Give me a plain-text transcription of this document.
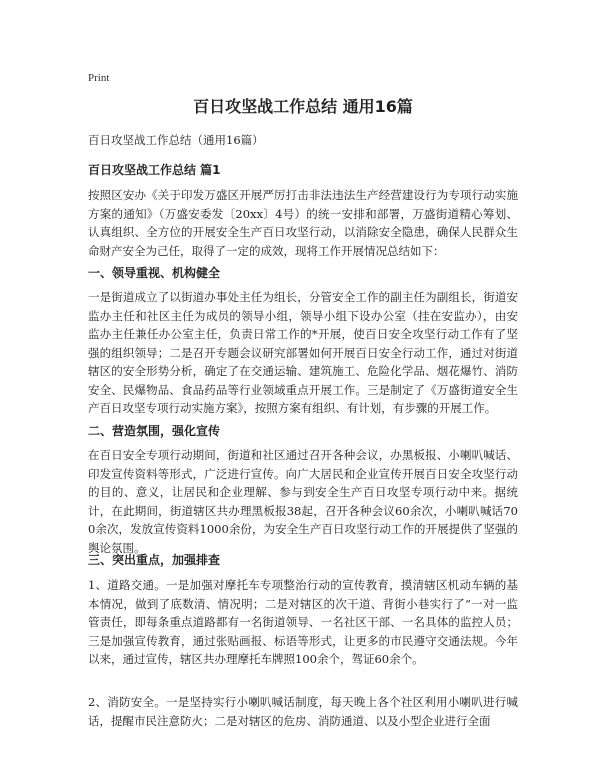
Print
百日攻坚战工作总结 通用16篇
百日攻坚战工作总结（通用16篇）
百日攻坚战工作总结 篇1

按照区安办《关于印发万盛区开展严厉打击非法违法生产经营建设行为专项行动实施方案的通知》（万盛安委发〔20xx〕4号）的统一安排和部署，万盛街道精心筹划、认真组织、全方位的开展安全生产百日攻坚行动，以消除安全隐患，确保人民群众生命财产安全为己任，取得了一定的成效，现将工作开展情况总结如下：

一、领导重视、机构健全

一是街道成立了以街道办事处主任为组长，分管安全工作的副主任为副组长，街道安监办主任和社区主任为成员的领导小组，领导小组下设办公室（挂在安监办），由安监办主任兼任办公室主任，负责日常工作的*开展，使百日安全攻坚行动工作有了坚强的组织领导；二是召开专题会议研究部署如何开展百日安全行动工作，通过对街道辖区的安全形势分析，确定了在交通运输、建筑施工、危险化学品、烟花爆竹、消防安全、民爆物品、食品药品等行业领域重点开展工作。三是制定了《万盛街道安全生产百日攻坚专项行动实施方案》，按照方案有组织、有计划，有步骤的开展工作。

二、营造氛围，强化宣传

在百日安全专项行动期间，街道和社区通过召开各种会议，办黑板报、小喇叭喊话、印发宣传资料等形式，广泛进行宣传。向广大居民和企业宣传开展百日安全攻坚行动的目的、意义，让居民和企业理解、参与到安全生产百日攻坚专项行动中来。据统计，在此期间，街道辖区共办理黑板报38起，召开各种会议60余次，小喇叭喊话700余次，发放宣传资料1000余份，为安全生产百日攻坚行动工作的开展提供了坚强的舆论氛围。

三、突出重点，加强排查

1、道路交通。一是加强对摩托车专项整治行动的宣传教育，摸清辖区机动车辆的基本情况，做到了底数清、情况明；二是对辖区的次干道、背街小巷实行了“一对一监管责任，即每条重点道路都有一名街道领导、一名社区干部、一名具体的监控人员；三是加强宣传教育，通过张贴画报、标语等形式，让更多的市民遵守交通法规。今年以来，通过宣传，辖区共办理摩托车牌照100余个，驾证60余个。

2、消防安全。一是坚持实行小喇叭喊话制度，每天晚上各个社区利用小喇叭进行喊话，提醒市民注意防火；二是对辖区的危房、消防通道、以及小型企业进行全面
